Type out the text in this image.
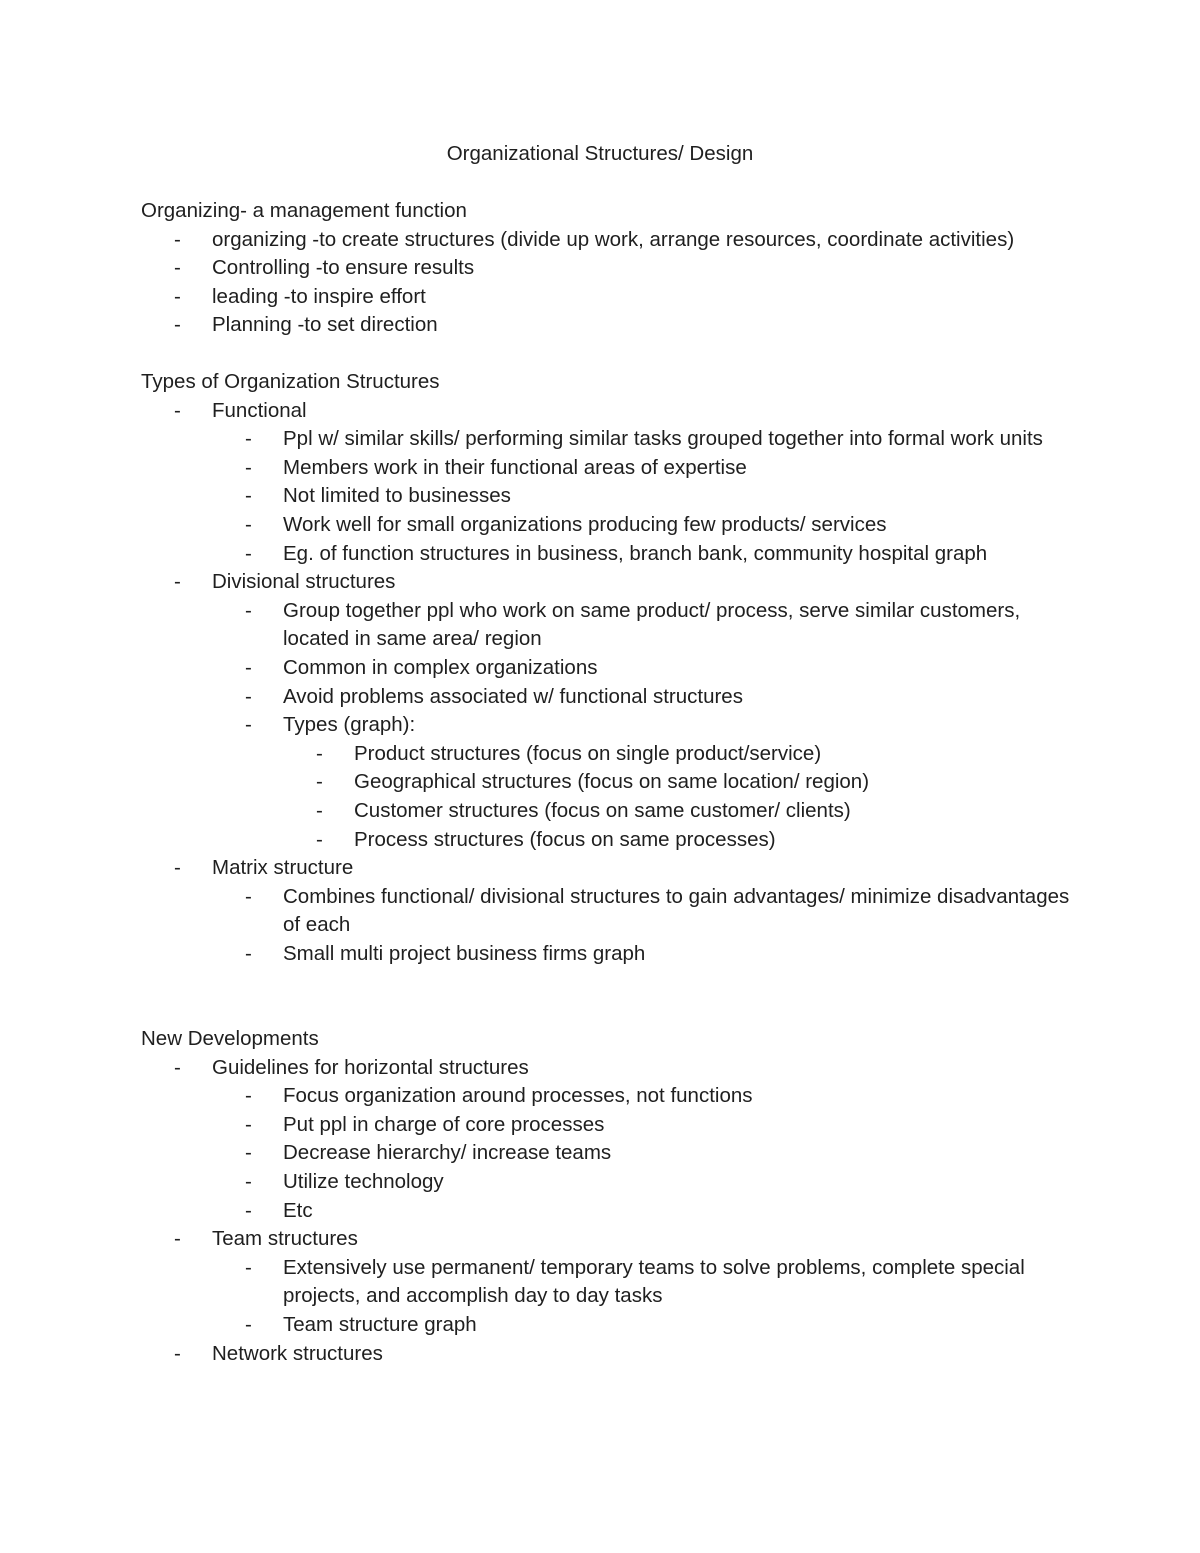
Organizational Structures/ Design

Organizing- a management function

- organizing -to create structures (divide up work, arrange resources, coordinate activities)
- Controlling -to ensure results
- leading -to inspire effort
- Planning -to set direction

Types of Organization Structures

- Functional
- Ppl w/ similar skills/ performing similar tasks grouped together into formal work units
- Members work in their functional areas of expertise
- Not limited to businesses
- Work well for small organizations producing few products/ services
- Eg. of function structures in business, branch bank, community hospital graph
- Divisional structures
- Group together ppl who work on same product/ process, serve similar customers, located in same area/ region
- Common in complex organizations
- Avoid problems associated w/ functional structures
- Types (graph):
- Product structures (focus on single product/service)
- Geographical structures (focus on same location/ region)
- Customer structures (focus on same customer/ clients)
- Process structures (focus on same processes)
- Matrix structure
- Combines functional/ divisional structures to gain advantages/ minimize disadvantages of each
- Small multi project business firms graph

New Developments

- Guidelines for horizontal structures
- Focus organization around processes, not functions
- Put ppl in charge of core processes
- Decrease hierarchy/ increase teams
- Utilize technology
- Etc
- Team structures
- Extensively use permanent/ temporary teams to solve problems, complete special projects, and accomplish day to day tasks
- Team structure graph
- Network structures
